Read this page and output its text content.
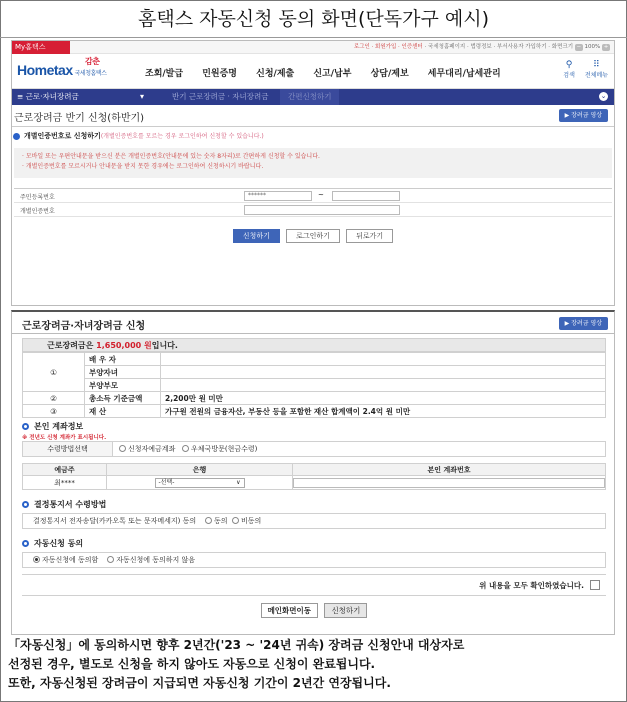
홈택스 자동신청 동의 화면(단독가구 예시)
My홈택스	로그인 · 회원가입 · 인증센터 · 국세청홈페이지 · 법령정보 · 부서사용자 가입하기 · 화면크기 − 100% +
Hometax 국세청홈택스
감춘
조회/발급 민원증명 신청/제출 신고/납부 상담/제보 세무대리/납세관리
⚲
검색
⠿
전체메뉴
≡ 근로·자녀장려금	▾	반기 근로장려금 · 자녀장려금	간편신청하기	⌄
근로장려금 반기 신청(하반기)	▶ 장려금 영상
개별인증번호로 신청하기(개별인증번호를 모르는 경우 로그인하여 신청할 수 있습니다.)
· 모바일 또는 우편안내문을 받으신 분은 개별인증번호(안내문에 있는 숫자 8자리)로 간편하게 신청할 수 있습니다.
· 개별인증번호를 모르시거나 안내문을 받지 못한 경우에는 로그인하여 신청하시기 바랍니다.
주민등록번호	******	~
개별인증번호
신청하기	로그인하기	뒤로가기
근로장려금·자녀장려금 신청	▶ 장려금 영상
근로장려금은 1,650,000 원입니다.
①	배 우 자	
	부양자녀	
	부양부모	
②	총소득 기준금액	2,200만 원 미만
③	재 산	가구원 전원의 금융자산, 부동산 등을 포함한 재산 합계액이 2.4억 원 미만
본인 계좌정보
※ 전년도 신청 계좌가 표시됩니다.
수령방법선택	신청자예금계좌 우체국방문(현금수령)
예금주	은행	본인 계좌번호
최****	-선택- ∨	
결정통지서 수령방법
결정통지서 전자송달(카카오톡 또는 문자메세지) 동의	동의 비동의
자동신청 동의
자동신청에 동의함	자동신청에 동의하지 않음
위 내용을 모두 확인하였습니다.
메인화면이동	신청하기
「자동신청」에 동의하시면 향후 2년간('23 ~ '24년 귀속) 장려금 신청안내 대상자로
선정된 경우, 별도로 신청을 하지 않아도 자동으로 신청이 완료됩니다.
또한, 자동신청된 장려금이 지급되면 자동신청 기간이 2년간 연장됩니다.
